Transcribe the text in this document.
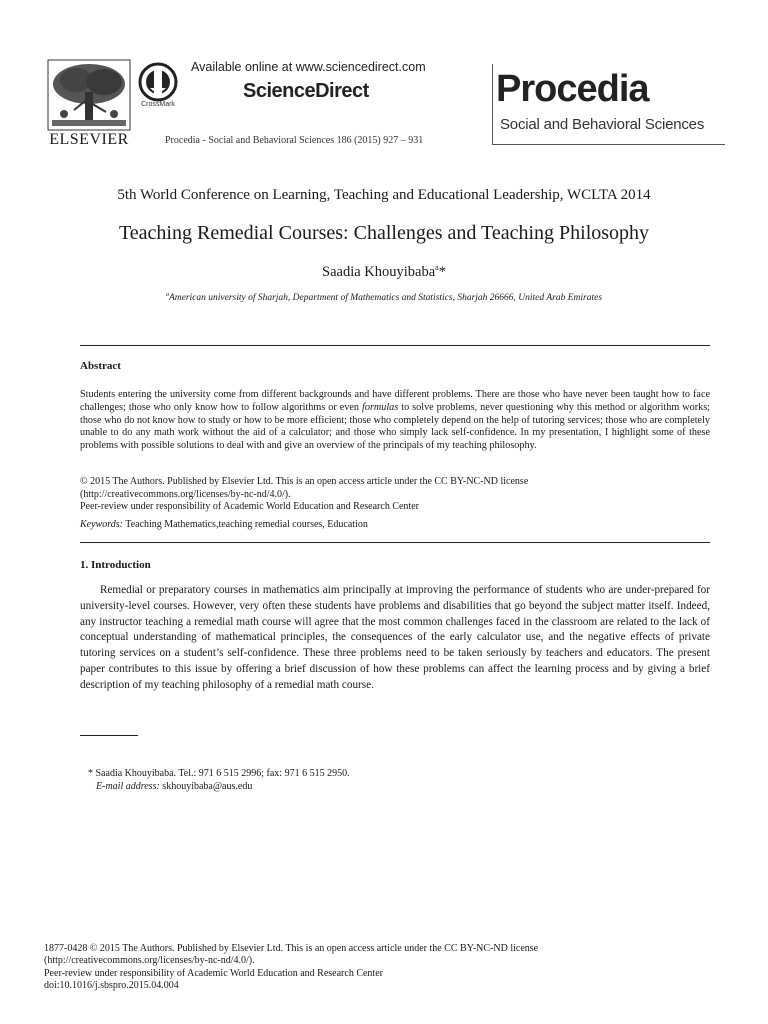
ELSEVIER
CrossMark
Available online at www.sciencedirect.com
ScienceDirect
Procedia - Social and Behavioral Sciences 186 (2015) 927 – 931
Procedia
Social and Behavioral Sciences
5th World Conference on Learning, Teaching and Educational Leadership, WCLTA 2014
Teaching Remedial Courses: Challenges and Teaching Philosophy
Saadia Khouyibaba$^a$*
$^a$American university of Sharjah, Department of Mathematics and Statistics, Sharjah 26666, United Arab Emirates
Abstract
Students entering the university come from different backgrounds and have different problems. There are those who have never been taught how to face challenges; those who only know how to follow algorithms or even formulas to solve problems, never questioning why this method or algorithm works; those who do not know how to study or how to be more efficient; those who completely depend on the help of tutoring services; those who are completely unable to do any math work without the aid of a calculator; and those who simply lack self-confidence. In my presentation, I highlight some of these problems with possible solutions to deal with and give an overview of the principals of my teaching philosophy.
© 2015 The Authors. Published by Elsevier Ltd. This is an open access article under the CC BY-NC-ND license
(http://creativecommons.org/licenses/by-nc-nd/4.0/).
Peer-review under responsibility of Academic World Education and Research Center
Keywords: Teaching Mathematics,teaching remedial courses, Education
1. Introduction
Remedial or preparatory courses in mathematics aim principally at improving the performance of students who are under-prepared for university-level courses. However, very often these students have problems and disabilities that go beyond the subject matter itself. Indeed, any instructor teaching a remedial math course will agree that the most common challenges faced in the classroom are related to the lack of conceptual understanding of mathematical principles, the consequences of the early calculator use, and the negative effects of private tutoring services on a student’s self-confidence. These three problems need to be taken seriously by teachers and educators. The present paper contributes to this issue by offering a brief discussion of how these problems can affect the learning process and by giving a brief description of my teaching philosophy of a remedial math course.
* Saadia Khouyibaba. Tel.: 971 6 515 2996; fax: 971 6 515 2950.
E-mail address: skhouyibaba@aus.edu
1877-0428 © 2015 The Authors. Published by Elsevier Ltd. This is an open access article under the CC BY-NC-ND license
(http://creativecommons.org/licenses/by-nc-nd/4.0/).
Peer-review under responsibility of Academic World Education and Research Center
doi:10.1016/j.sbspro.2015.04.004
